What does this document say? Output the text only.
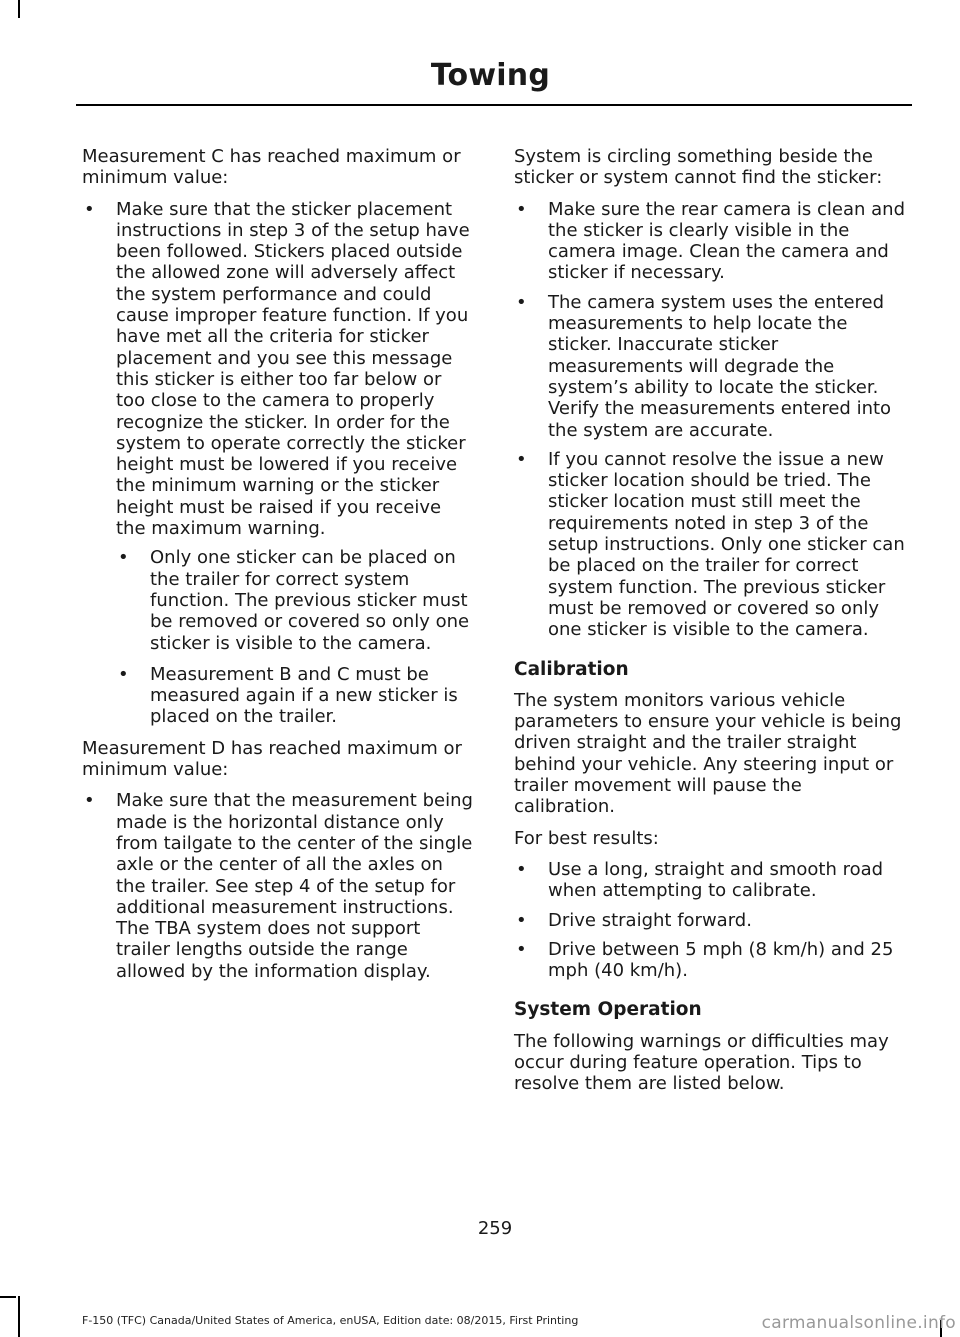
Towing

Measurement C has reached maximum or minimum value:

• Make sure that the sticker placement instructions in step 3 of the setup have been followed. Stickers placed outside the allowed zone will adversely affect the system performance and could cause improper feature function. If you have met all the criteria for sticker placement and you see this message this sticker is either too far below or too close to the camera to properly recognize the sticker. In order for the system to operate correctly the sticker height must be lowered if you receive the minimum warning or the sticker height must be raised if you receive the maximum warning.
• Only one sticker can be placed on the trailer for correct system function. The previous sticker must be removed or covered so only one sticker is visible to the camera.
• Measurement B and C must be measured again if a new sticker is placed on the trailer.

Measurement D has reached maximum or minimum value:

• Make sure that the measurement being made is the horizontal distance only from tailgate to the center of the single axle or the center of all the axles on the trailer. See step 4 of the setup for additional measurement instructions. The TBA system does not support trailer lengths outside the range allowed by the information display.

System is circling something beside the sticker or system cannot find the sticker:

• Make sure the rear camera is clean and the sticker is clearly visible in the camera image. Clean the camera and sticker if necessary.
• The camera system uses the entered measurements to help locate the sticker. Inaccurate sticker measurements will degrade the system’s ability to locate the sticker. Verify the measurements entered into the system are accurate.
• If you cannot resolve the issue a new sticker location should be tried. The sticker location must still meet the requirements noted in step 3 of the setup instructions. Only one sticker can be placed on the trailer for correct system function. The previous sticker must be removed or covered so only one sticker is visible to the camera.
Calibration

The system monitors various vehicle parameters to ensure your vehicle is being driven straight and the trailer straight behind your vehicle. Any steering input or trailer movement will pause the calibration.

For best results:

• Use a long, straight and smooth road when attempting to calibrate.
• Drive straight forward.
• Drive between 5 mph (8 km/h) and 25 mph (40 km/h).
System Operation

The following warnings or difficulties may occur during feature operation. Tips to resolve them are listed below.

259
F-150 (TFC) Canada/United States of America, enUSA, Edition date: 08/2015, First Printing	carmanualsonline.info
